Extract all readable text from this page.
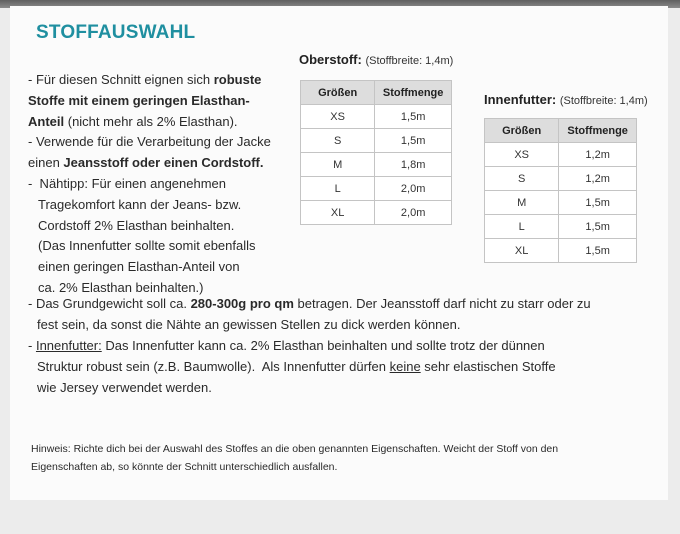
STOFFAUSWAHL
Oberstoff: (Stoffbreite: 1,4m)
Größen	Stoffmenge
XS	1,5m
S	1,5m
M	1,8m
L	2,0m
XL	2,0m
Innenfutter: (Stoffbreite: 1,4m)
Größen	Stoffmenge
XS	1,2m
S	1,2m
M	1,5m
L	1,5m
XL	1,5m
- Für diesen Schnitt eignen sich robuste
Stoffe mit einem geringen Elasthan-
Anteil (nicht mehr als 2% Elasthan).
- Verwende für die Verarbeitung der Jacke
einen Jeansstoff oder einen Cordstoff.
-  Nähtipp: Für einen angenehmen
Tragekomfort kann der Jeans- bzw.
Cordstoff 2% Elasthan beinhalten.
(Das Innenfutter sollte somit ebenfalls
einen geringen Elasthan-Anteil von
ca. 2% Elasthan beinhalten.)
- Das Grundgewicht soll ca. 280-300g pro qm betragen. Der Jeansstoff darf nicht zu starr oder zu
fest sein, da sonst die Nähte an gewissen Stellen zu dick werden können.
- Innenfutter: Das Innenfutter kann ca. 2% Elasthan beinhalten und sollte trotz der dünnen
Struktur robust sein (z.B. Baumwolle).  Als Innenfutter dürfen keine sehr elastischen Stoffe
wie Jersey verwendet werden.
Hinweis: Richte dich bei der Auswahl des Stoffes an die oben genannten Eigenschaften. Weicht der Stoff von den
Eigenschaften ab, so könnte der Schnitt unterschiedlich ausfallen.
